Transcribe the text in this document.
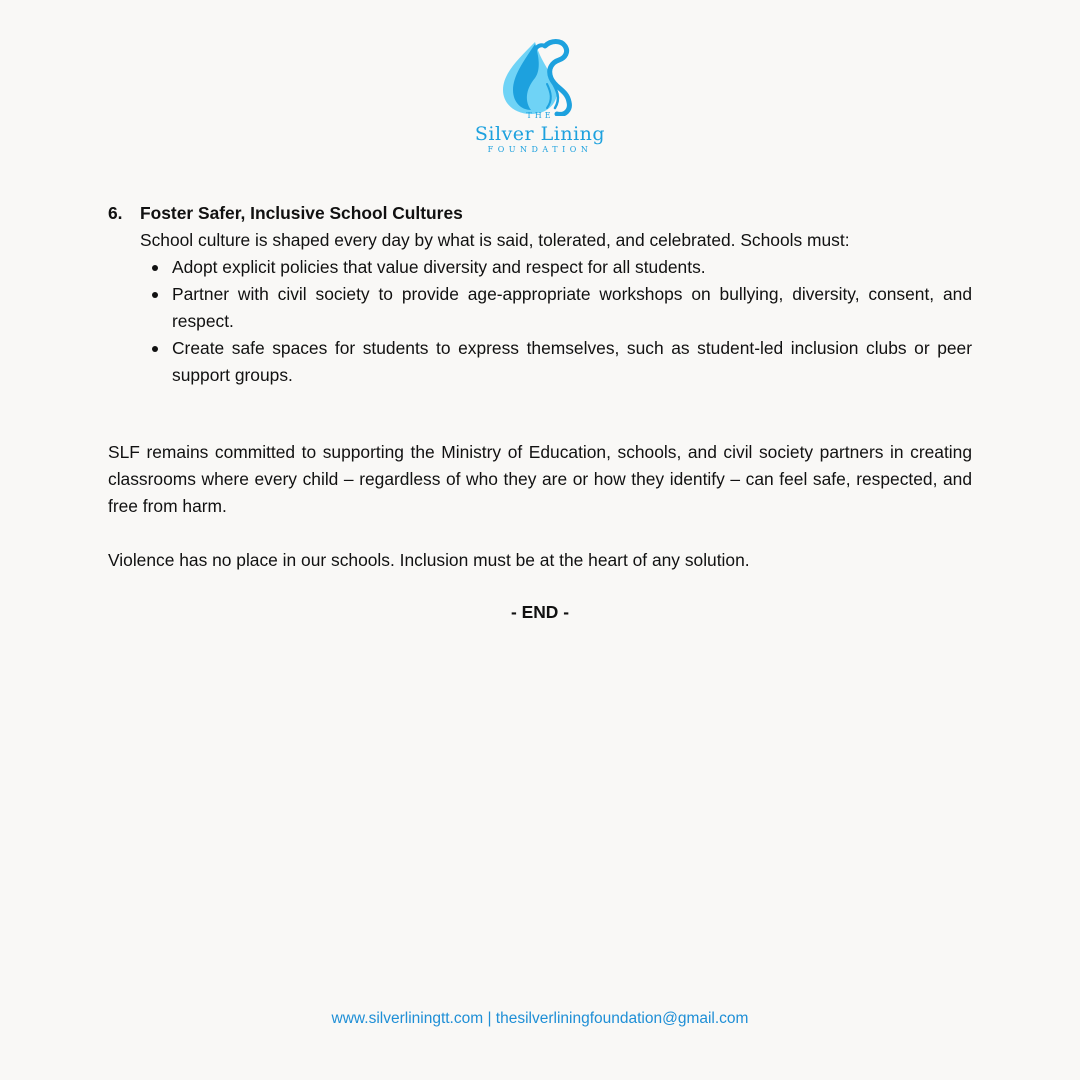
THE
Silver Lining
FOUNDATION
6.	Foster Safer, Inclusive School Cultures

School culture is shaped every day by what is said, tolerated, and celebrated. Schools must:

Adopt explicit policies that value diversity and respect for all students.
Partner with civil society to provide age-appropriate workshops on bullying, diversity, consent, and respect.
Create safe spaces for students to express themselves, such as student-led inclusion clubs or peer support groups.

SLF remains committed to supporting the Ministry of Education, schools, and civil society partners in creating classrooms where every child – regardless of who they are or how they identify – can feel safe, respected, and free from harm.

Violence has no place in our schools. Inclusion must be at the heart of any solution.

- END -
www.silverliningtt.com | thesilverliningfoundation@gmail.com
